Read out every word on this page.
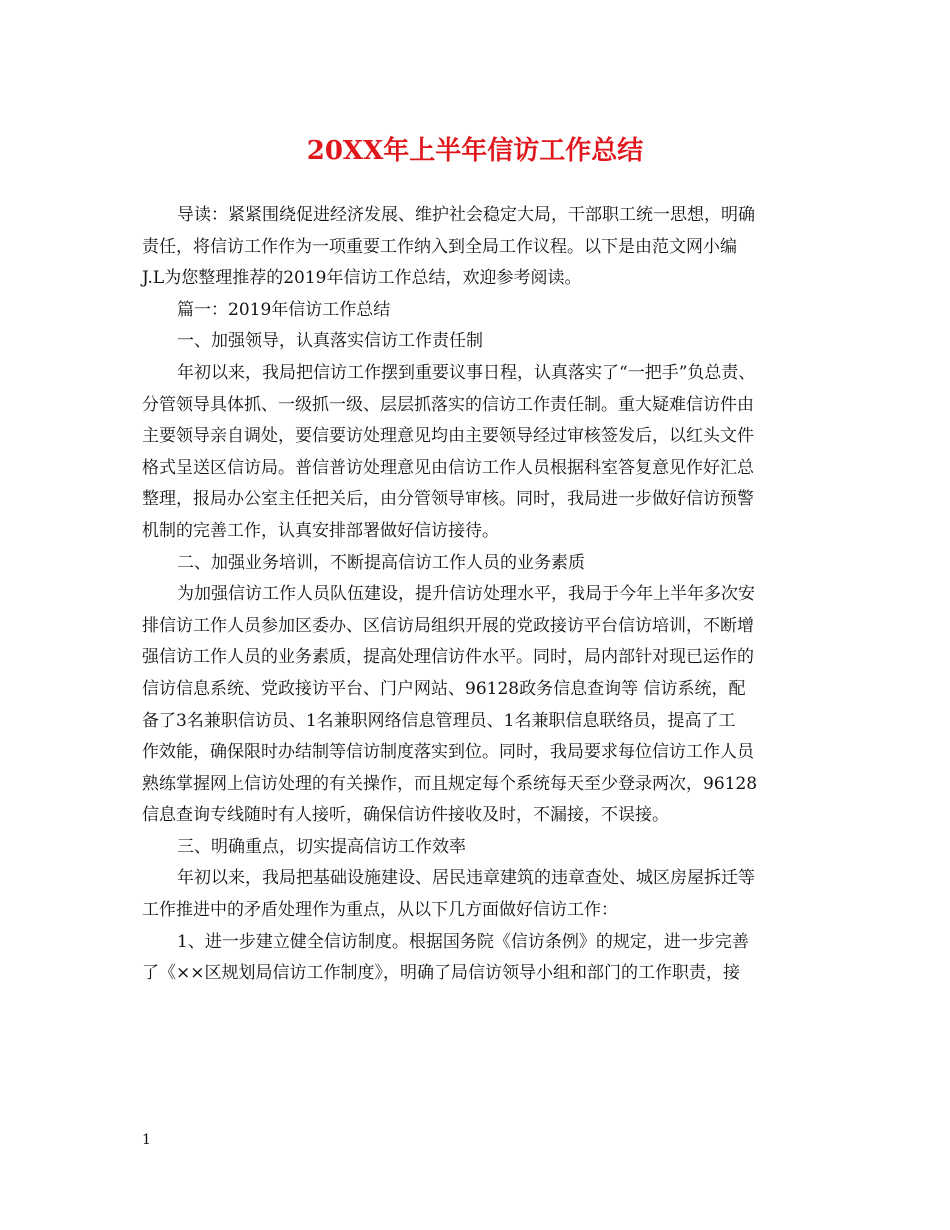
20XX年上半年信访工作总结
导读：紧紧围绕促进经济发展、维护社会稳定大局，干部职工统一思想，明确
责任，将信访工作作为一项重要工作纳入到全局工作议程。以下是由范文网小编
J.L为您整理推荐的2019年信访工作总结，欢迎参考阅读。
篇一：2019年信访工作总结
一、加强领导，认真落实信访工作责任制
年初以来，我局把信访工作摆到重要议事日程，认真落实了“一把手”负总责、
分管领导具体抓、一级抓一级、层层抓落实的信访工作责任制。重大疑难信访件由
主要领导亲自调处，要信要访处理意见均由主要领导经过审核签发后，以红头文件
格式呈送区信访局。普信普访处理意见由信访工作人员根据科室答复意见作好汇总
整理，报局办公室主任把关后，由分管领导审核。同时，我局进一步做好信访预警
机制的完善工作，认真安排部署做好信访接待。
二、加强业务培训，不断提高信访工作人员的业务素质
为加强信访工作人员队伍建设，提升信访处理水平，我局于今年上半年多次安
排信访工作人员参加区委办、区信访局组织开展的党政接访平台信访培训，不断增
强信访工作人员的业务素质，提高处理信访件水平。同时，局内部针对现已运作的
信访信息系统、党政接访平台、门户网站、96128政务信息查询等 信访系统，配
备了3名兼职信访员、1名兼职网络信息管理员、1名兼职信息联络员，提高了工
作效能，确保限时办结制等信访制度落实到位。同时，我局要求每位信访工作人员
熟练掌握网上信访处理的有关操作，而且规定每个系统每天至少登录两次，96128
信息查询专线随时有人接听，确保信访件接收及时，不漏接，不误接。
三、明确重点，切实提高信访工作效率
年初以来，我局把基础设施建设、居民违章建筑的违章查处、城区房屋拆迁等
工作推进中的矛盾处理作为重点，从以下几方面做好信访工作：
1、进一步建立健全信访制度。根据国务院《信访条例》的规定，进一步完善
了《××区规划局信访工作制度》，明确了局信访领导小组和部门的工作职责，接
1
